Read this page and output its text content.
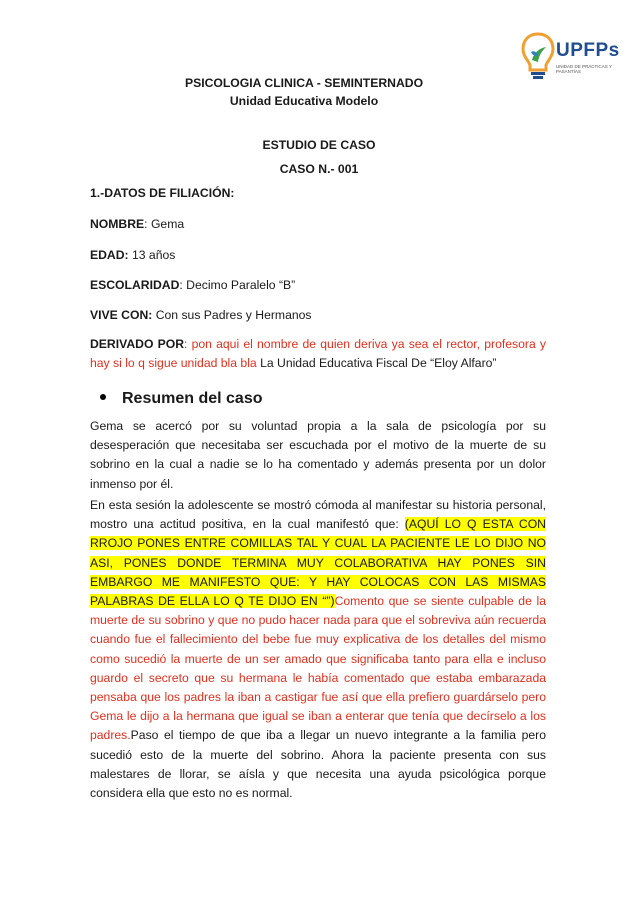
UPFPs
UNIDAD DE PRÁCTICAS Y PASANTÍAS
PSICOLOGIA CLINICA - SEMINTERNADO
Unidad Educativa Modelo
ESTUDIO DE CASO
CASO N.- 001
1.-DATOS DE FILIACIÓN:
NOMBRE: Gema
EDAD: 13 años
ESCOLARIDAD: Decimo Paralelo “B”
VIVE CON: Con sus Padres y Hermanos
DERIVADO POR: pon aqui el nombre de quien deriva ya sea el rector, profesora y hay si lo q sigue unidad bla bla La Unidad Educativa Fiscal De “Eloy Alfaro”
Resumen del caso
Gema se acercó por su voluntad propia a la sala de psicología por su desesperación que necesitaba ser escuchada por el motivo de la muerte de su sobrino en la cual a nadie se lo ha comentado y además presenta por un dolor inmenso por él.
En esta sesión la adolescente se mostró cómoda al manifestar su historia personal, mostro una actitud positiva, en la cual manifestó que: (AQUÍ LO Q ESTA CON RROJO PONES ENTRE COMILLAS TAL Y CUAL LA PACIENTE LE LO DIJO NO ASI, PONES DONDE TERMINA MUY COLABORATIVA HAY PONES SIN EMBARGO ME MANIFESTO QUE: Y HAY COLOCAS CON LAS MISMAS PALABRAS DE ELLA LO Q TE DIJO EN “”)Comento que se siente culpable de la muerte de su sobrino y que no pudo hacer nada para que el sobreviva aún recuerda cuando fue el fallecimiento del bebe fue muy explicativa de los detalles del mismo como sucedió la muerte de un ser amado que significaba tanto para ella e incluso guardo el secreto que su hermana le había comentado que estaba embarazada pensaba que los padres la iban a castigar fue así que ella prefiero guardárselo pero Gema le dijo a la hermana que igual se iban a enterar que tenía que decírselo a los padres.Paso el tiempo de que iba a llegar un nuevo integrante a la familia pero sucedió esto de la muerte del sobrino. Ahora la paciente presenta con sus malestares de llorar, se aísla y que necesita una ayuda psicológica porque considera ella que esto no es normal.
